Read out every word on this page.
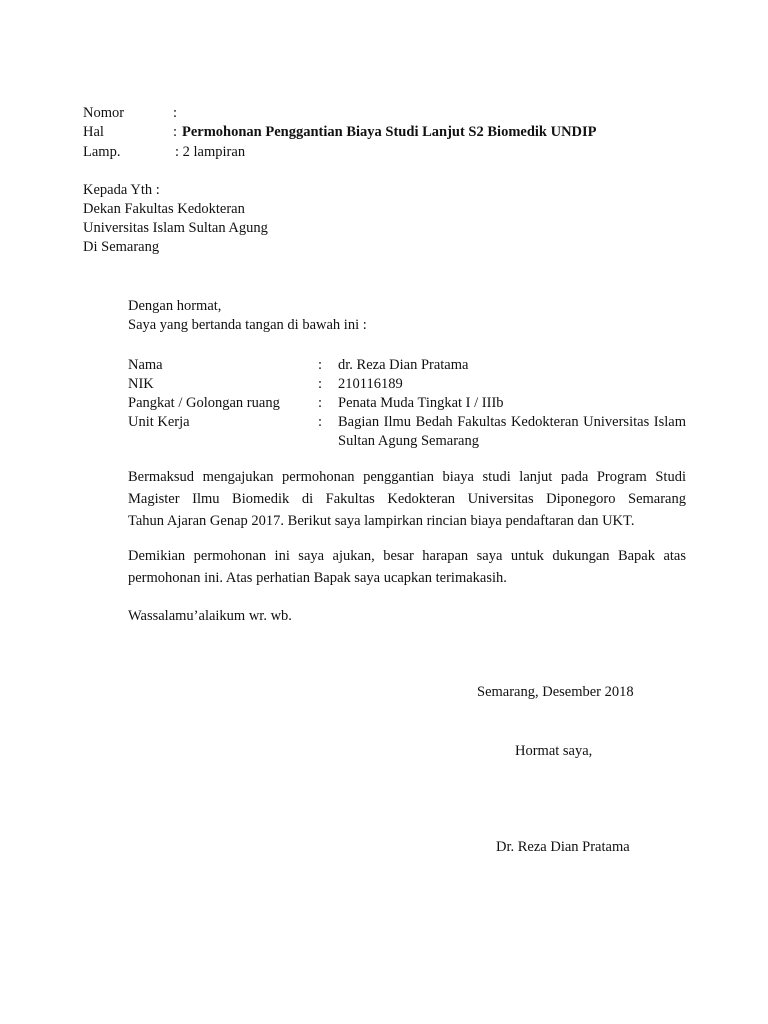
Nomor	:
Hal	: Permohonan Penggantian Biaya Studi Lanjut S2 Biomedik UNDIP
Lamp.	: 2 lampiran
Kepada Yth :
Dekan Fakultas Kedokteran
Universitas Islam Sultan Agung
Di Semarang
Dengan hormat,
Saya yang bertanda tangan di bawah ini :
Nama	: dr. Reza Dian Pratama
NIK	: 210116189
Pangkat / Golongan ruang	: Penata Muda Tingkat I / IIIb
Unit Kerja	: Bagian Ilmu Bedah Fakultas Kedokteran Universitas Islam Sultan Agung Semarang
Bermaksud mengajukan permohonan penggantian biaya studi lanjut pada Program Studi
Magister Ilmu Biomedik di Fakultas Kedokteran Universitas Diponegoro Semarang
Tahun Ajaran Genap 2017. Berikut saya lampirkan rincian biaya pendaftaran dan UKT.
Demikian permohonan ini saya ajukan, besar harapan saya untuk dukungan Bapak atas
permohonan ini. Atas perhatian Bapak saya ucapkan terimakasih.
Wassalamu’alaikum wr. wb.
Semarang, Desember 2018
Hormat saya,
Dr. Reza Dian Pratama
